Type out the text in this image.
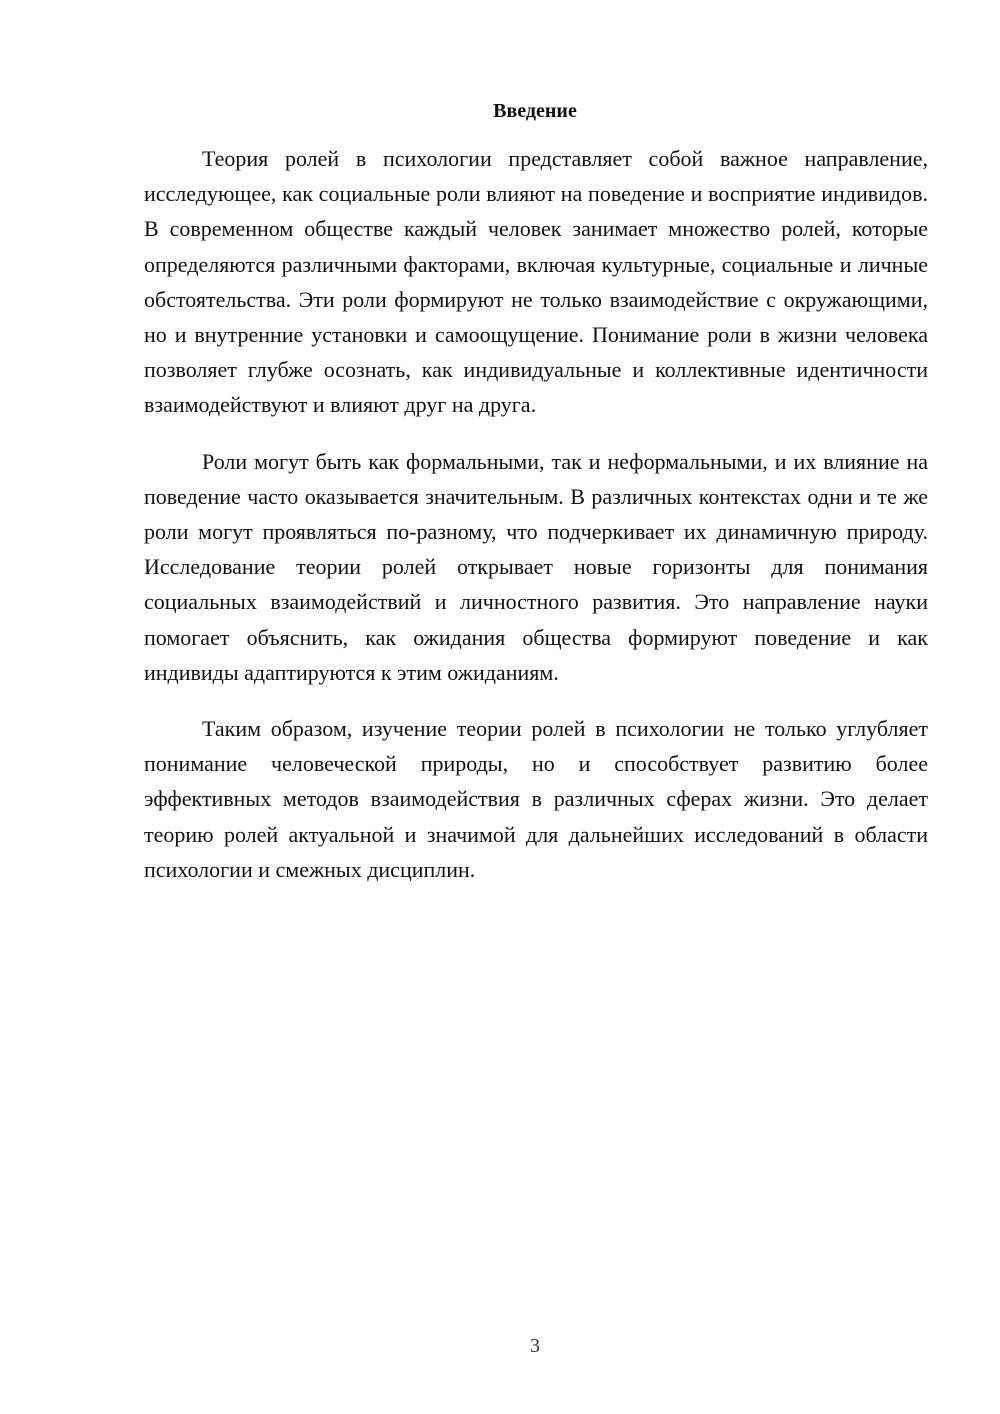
Введение

Теория ролей в психологии представляет собой важное направление, исследующее, как социальные роли влияют на поведение и восприятие индивидов. В современном обществе каждый человек занимает множество ролей, которые определяются различными факторами, включая культурные, социальные и личные обстоятельства. Эти роли формируют не только взаимодействие с окружающими, но и внутренние установки и самоощущение. Понимание роли в жизни человека позволяет глубже осознать, как индивидуальные и коллективные идентичности взаимодействуют и влияют друг на друга.

Роли могут быть как формальными, так и неформальными, и их влияние на поведение часто оказывается значительным. В различных контекстах одни и те же роли могут проявляться по-разному, что подчеркивает их динамичную природу. Исследование теории ролей открывает новые горизонты для понимания социальных взаимодействий и личностного развития. Это направление науки помогает объяснить, как ожидания общества формируют поведение и как индивиды адаптируются к этим ожиданиям.

Таким образом, изучение теории ролей в психологии не только углубляет понимание человеческой природы, но и способствует развитию более эффективных методов взаимодействия в различных сферах жизни. Это делает теорию ролей актуальной и значимой для дальнейших исследований в области психологии и смежных дисциплин.

3
